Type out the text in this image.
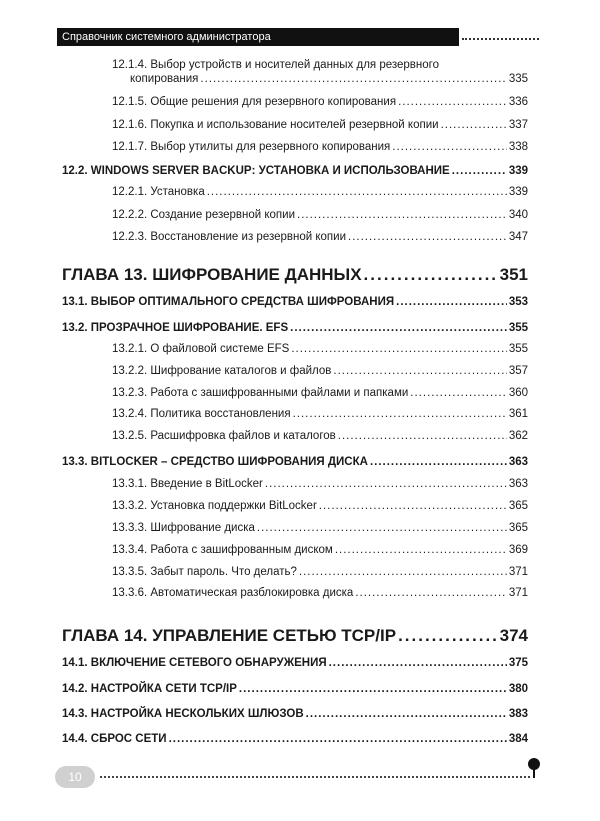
Справочник системного администратора
12.1.4. Выбор устройств и носителей данных для резервного
копирования .....	335
12.1.5. Общие решения для резервного копирования .....	336
12.1.6. Покупка и использование носителей резервной копии .....	337
12.1.7. Выбор утилиты для резервного копирования .....	338
12.2. WINDOWS SERVER BACKUP: УСТАНОВКА И ИСПОЛЬЗОВАНИЕ .....	339
12.2.1. Установка .....	339
12.2.2. Создание резервной копии .....	340
12.2.3. Восстановление из резервной копии .....	347
ГЛАВА 13. ШИФРОВАНИЕ ДАННЫХ .....	351
13.1. ВЫБОР ОПТИМАЛЬНОГО СРЕДСТВА ШИФРОВАНИЯ .....	353
13.2. ПРОЗРАЧНОЕ ШИФРОВАНИЕ. EFS .....	355
13.2.1. О файловой системе EFS .....	355
13.2.2. Шифрование каталогов и файлов .....	357
13.2.3. Работа с зашифрованными файлами и папками .....	360
13.2.4. Политика восстановления .....	361
13.2.5. Расшифровка файлов и каталогов .....	362
13.3. BITLOCKER – СРЕДСТВО ШИФРОВАНИЯ ДИСКА .....	363
13.3.1. Введение в BitLocker .....	363
13.3.2. Установка поддержки BitLocker .....	365
13.3.3. Шифрование диска .....	365
13.3.4. Работа с зашифрованным диском .....	369
13.3.5. Забыт пароль. Что делать? .....	371
13.3.6. Автоматическая разблокировка диска .....	371
ГЛАВА 14. УПРАВЛЕНИЕ СЕТЬЮ TCP/IP .....	374
14.1. ВКЛЮЧЕНИЕ СЕТЕВОГО ОБНАРУЖЕНИЯ .....	375
14.2. НАСТРОЙКА СЕТИ TCP/IP .....	380
14.3. НАСТРОЙКА НЕСКОЛЬКИХ ШЛЮЗОВ .....	383
14.4. СБРОС СЕТИ .....	384
10
